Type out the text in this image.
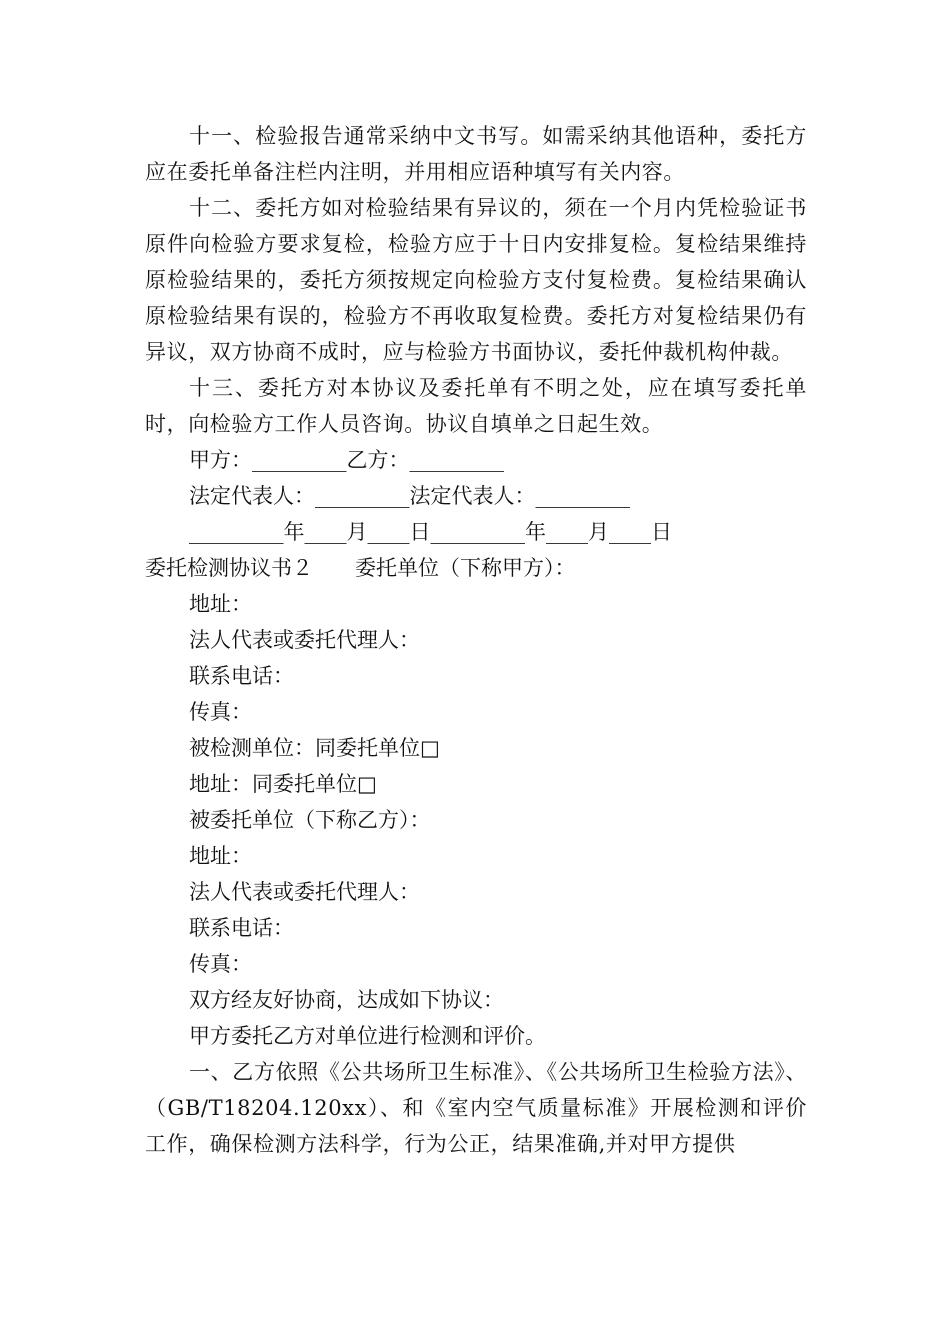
十一、检验报告通常采纳中文书写。如需采纳其他语种，委托方应在委托单备注栏内注明，并用相应语种填写有关内容。

十二、委托方如对检验结果有异议的，须在一个月内凭检验证书原件向检验方要求复检，检验方应于十日内安排复检。复检结果维持原检验结果的，委托方须按规定向检验方支付复检费。复检结果确认原检验结果有误的，检验方不再收取复检费。委托方对复检结果仍有异议，双方协商不成时，应与检验方书面协议，委托仲裁机构仲裁。

十三、委托方对本协议及委托单有不明之处，应在填写委托单时，向检验方工作人员咨询。协议自填单之日起生效。

甲方：_________乙方：_________

法定代表人：_________法定代表人：_________

_________年____月____日_________年____月____日

委托检测协议书２　　委托单位（下称甲方）：

地址：

法人代表或委托代理人：

联系电话：

传真：

被检测单位：同委托单位□

地址：同委托单位□

被委托单位（下称乙方）：

地址：

法人代表或委托代理人：

联系电话：

传真：

双方经友好协商，达成如下协议：

甲方委托乙方对单位进行检测和评价。

一、乙方依照《公共场所卫生标准》、《公共场所卫生检验方法》、（GB/T18204.120xx）、和《室内空气质量标准》开展检测和评价工作，确保检测方法科学，行为公正，结果准确,并对甲方提供
